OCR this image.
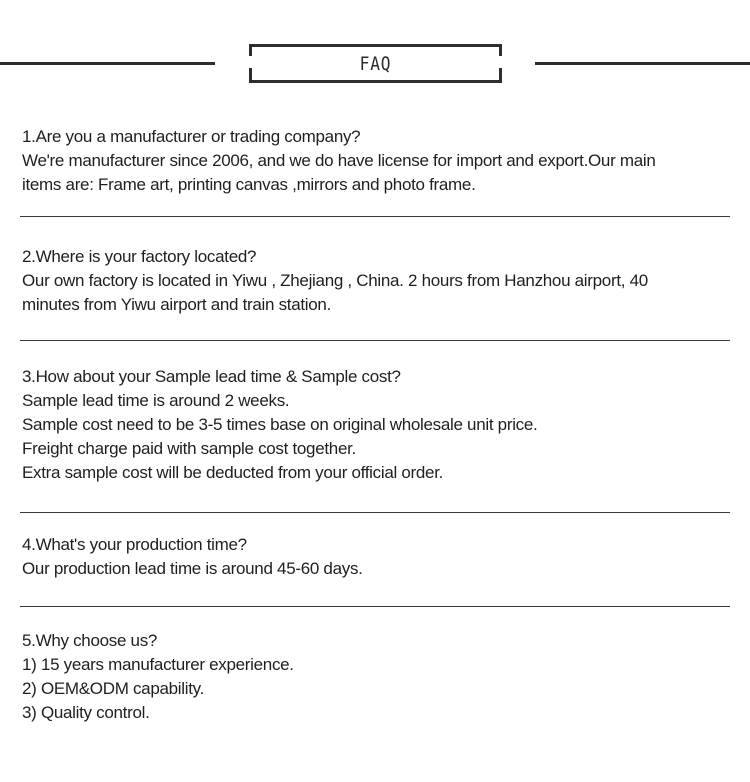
FAQ

1.Are you a manufacturer or trading company?

We're manufacturer since 2006, and we do have license for import and export.Our main

items are: Frame art, printing canvas ,mirrors and photo frame.

2.Where is your factory located?

Our own factory is located in Yiwu , Zhejiang , China. 2 hours from Hanzhou airport, 40

minutes from Yiwu airport and train station.

3.How about your Sample lead time & Sample cost?

Sample lead time is around 2 weeks.

Sample cost need to be 3-5 times base on original wholesale unit price.

Freight charge paid with sample cost together.

Extra sample cost will be deducted from your official order.

4.What's your production time?

Our production lead time is around 45-60 days.

5.Why choose us?

1) 15 years manufacturer experience.

2) OEM&ODM capability.

3) Quality control.
